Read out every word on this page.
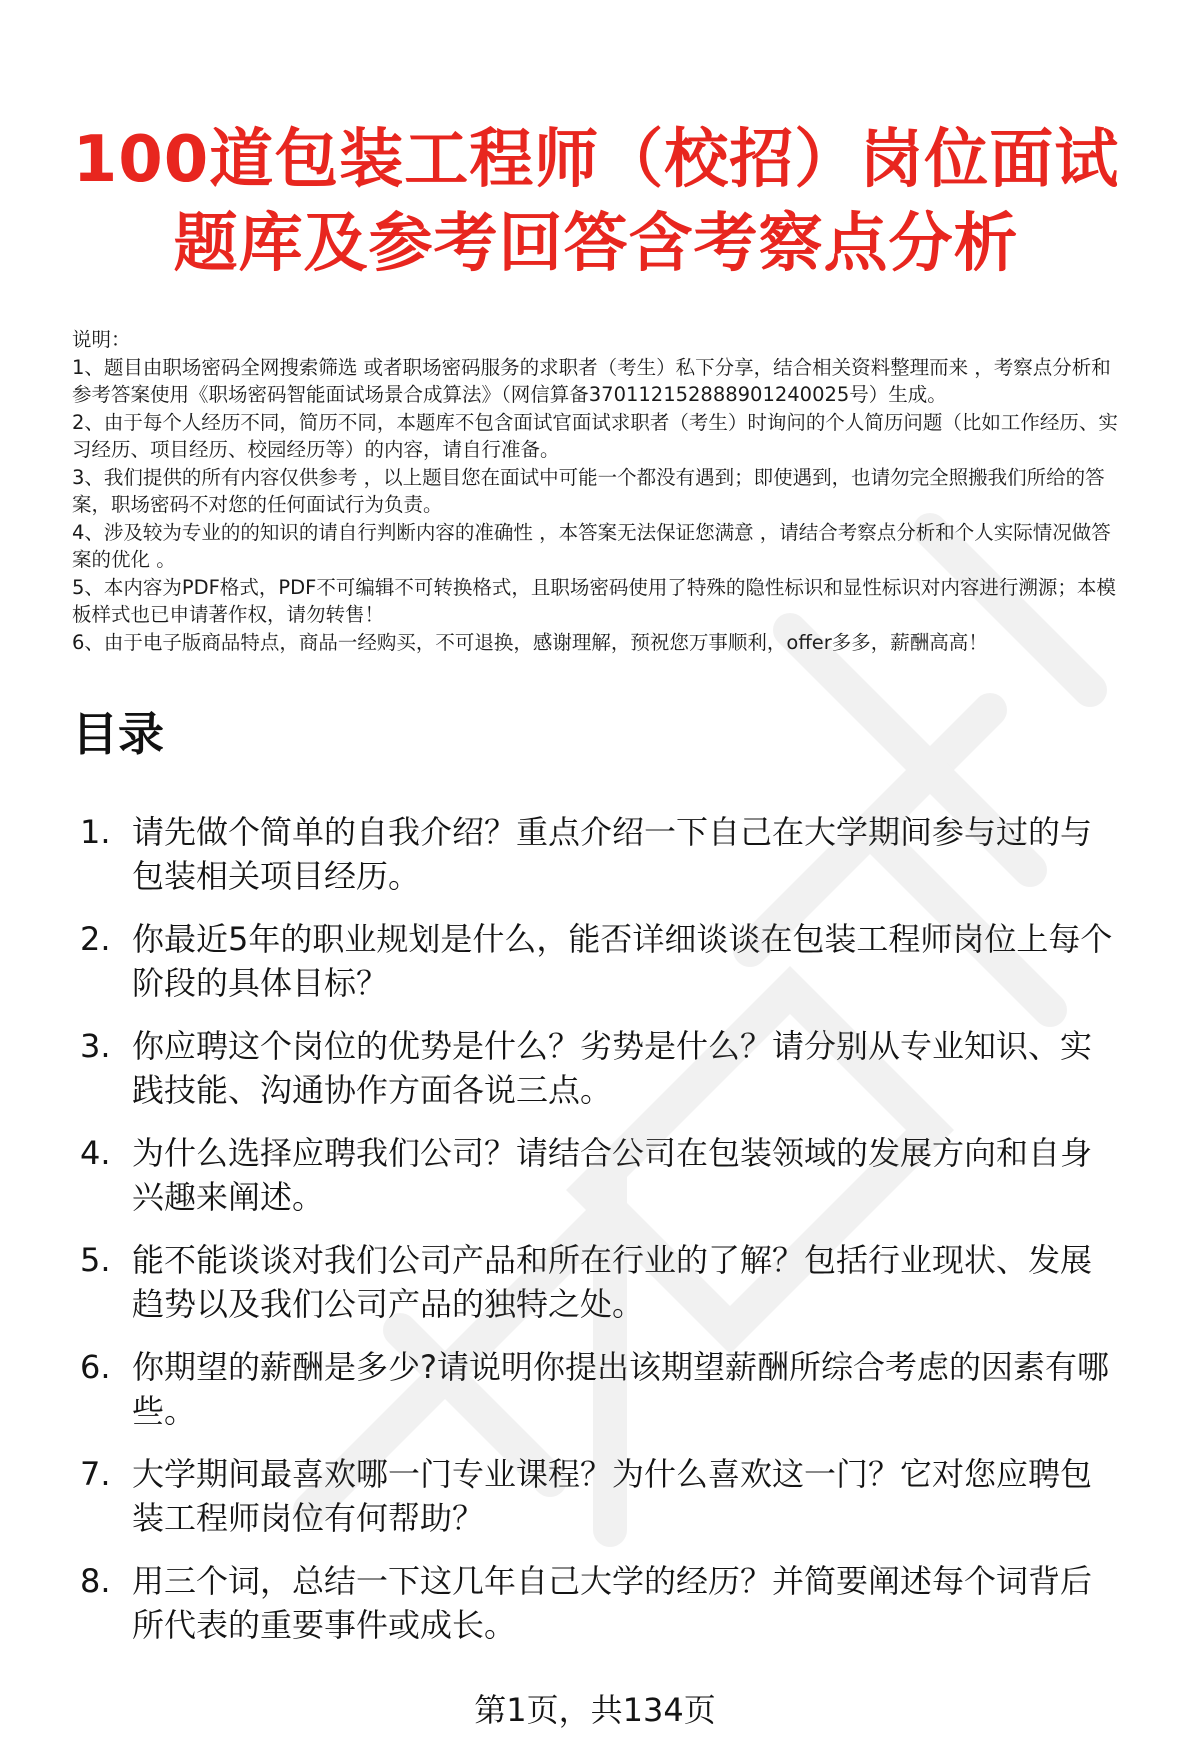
100道包装工程师（校招）岗位面试
题库及参考回答含考察点分析

说明：

1、题目由职场密码全网搜索筛选 或者职场密码服务的求职者（考生）私下分享，结合相关资料整理而来 ，考察点分析和参考答案使用《职场密码智能面试场景合成算法》（网信算备370112152888901240025号）生成。

2、由于每个人经历不同，简历不同，本题库不包含面试官面试求职者（考生）时询问的个人简历问题（比如工作经历、实习经历、项目经历、校园经历等）的内容，请自行准备。

3、我们提供的所有内容仅供参考 ，以上题目您在面试中可能一个都没有遇到；即使遇到，也请勿完全照搬我们所给的答案，职场密码不对您的任何面试行为负责。

4、涉及较为专业的的知识的请自行判断内容的准确性 ，本答案无法保证您满意 ，请结合考察点分析和个人实际情况做答案的优化 。

5、本内容为PDF格式，PDF不可编辑不可转换格式，且职场密码使用了特殊的隐性标识和显性标识对内容进行溯源；本模板样式也已申请著作权，请勿转售！

6、由于电子版商品特点，商品一经购买，不可退换，感谢理解，预祝您万事顺利，offer多多，薪酬高高！

目录
1. 请先做个简单的自我介绍？重点介绍一下自己在大学期间参与过的与包装相关项目经历。
2. 你最近5年的职业规划是什么，能否详细谈谈在包装工程师岗位上每个阶段的具体目标？
3. 你应聘这个岗位的优势是什么？劣势是什么？请分别从专业知识、实践技能、沟通协作方面各说三点。
4. 为什么选择应聘我们公司？请结合公司在包装领域的发展方向和自身兴趣来阐述。
5. 能不能谈谈对我们公司产品和所在行业的了解？包括行业现状、发展趋势以及我们公司产品的独特之处。
6. 你期望的薪酬是多少?请说明你提出该期望薪酬所综合考虑的因素有哪些。
7. 大学期间最喜欢哪一门专业课程？为什么喜欢这一门？它对您应聘包装工程师岗位有何帮助？
8. 用三个词，总结一下这几年自己大学的经历？并简要阐述每个词背后所代表的重要事件或成长。
第1页，共134页
